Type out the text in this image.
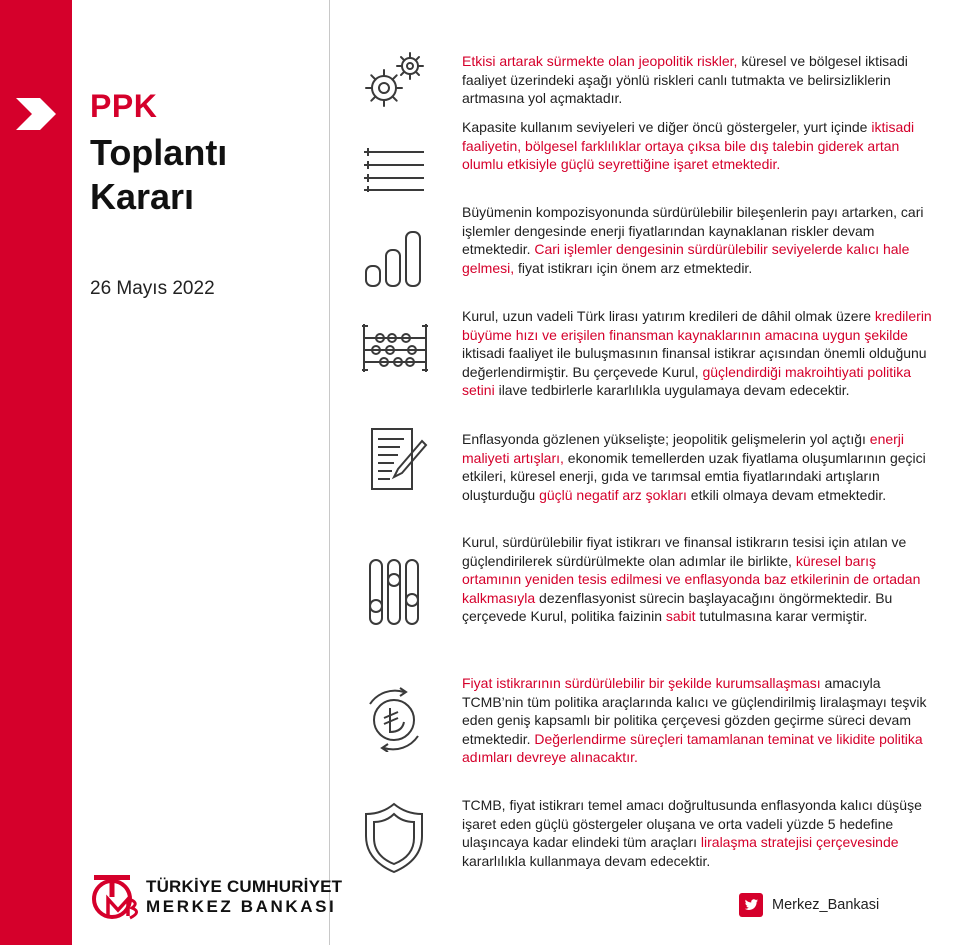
PPK
Toplantı
Kararı
26 Mayıs 2022
TÜRKİYE CUMHURİYET
MERKEZ BANKASI
Etkisi artarak sürmekte olan jeopolitik riskler, küresel ve bölgesel iktisadi faaliyet üzerindeki aşağı yönlü riskleri canlı tutmakta ve belirsizliklerin artmasına yol açmaktadır.
Kapasite kullanım seviyeleri ve diğer öncü göstergeler, yurt içinde iktisadi faaliyetin, bölgesel farklılıklar ortaya çıksa bile dış talebin giderek artan olumlu etkisiyle güçlü seyrettiğine işaret etmektedir.
Büyümenin kompozisyonunda sürdürülebilir bileşenlerin payı artarken, cari işlemler dengesinde enerji fiyatlarından kaynaklanan riskler devam etmektedir. Cari işlemler dengesinin sürdürülebilir seviyelerde kalıcı hale gelmesi, fiyat istikrarı için önem arz etmektedir.
Kurul, uzun vadeli Türk lirası yatırım kredileri de dâhil olmak üzere kredilerin büyüme hızı ve erişilen finansman kaynaklarının amacına uygun şekilde iktisadi faaliyet ile buluşmasının finansal istikrar açısından önemli olduğunu değerlendirmiştir. Bu çerçevede Kurul, güçlendirdiği makroihtiyati politika setini ilave tedbirlerle kararlılıkla uygulamaya devam edecektir.
Enflasyonda gözlenen yükselişte; jeopolitik gelişmelerin yol açtığı enerji maliyeti artışları, ekonomik temellerden uzak fiyatlama oluşumlarının geçici etkileri, küresel enerji, gıda ve tarımsal emtia fiyatlarındaki artışların oluşturduğu güçlü negatif arz şokları etkili olmaya devam etmektedir.
Kurul, sürdürülebilir fiyat istikrarı ve finansal istikrarın tesisi için atılan ve güçlendirilerek sürdürülmekte olan adımlar ile birlikte, küresel barış ortamının yeniden tesis edilmesi ve enflasyonda baz etkilerinin de ortadan kalkmasıyla dezenflasyonist sürecin başlayacağını öngörmektedir. Bu çerçevede Kurul, politika faizinin sabit tutulmasına karar vermiştir.
Fiyat istikrarının sürdürülebilir bir şekilde kurumsallaşması amacıyla TCMB’nin tüm politika araçlarında kalıcı ve güçlendirilmiş liralaşmayı teşvik eden geniş kapsamlı bir politika çerçevesi gözden geçirme süreci devam etmektedir. Değerlendirme süreçleri tamamlanan teminat ve likidite politika adımları devreye alınacaktır.
TCMB, fiyat istikrarı temel amacı doğrultusunda enflasyonda kalıcı düşüşe işaret eden güçlü göstergeler oluşana ve orta vadeli yüzde 5 hedefine ulaşıncaya kadar elindeki tüm araçları liralaşma stratejisi çerçevesinde kararlılıkla kullanmaya devam edecektir.
Merkez_Bankasi
